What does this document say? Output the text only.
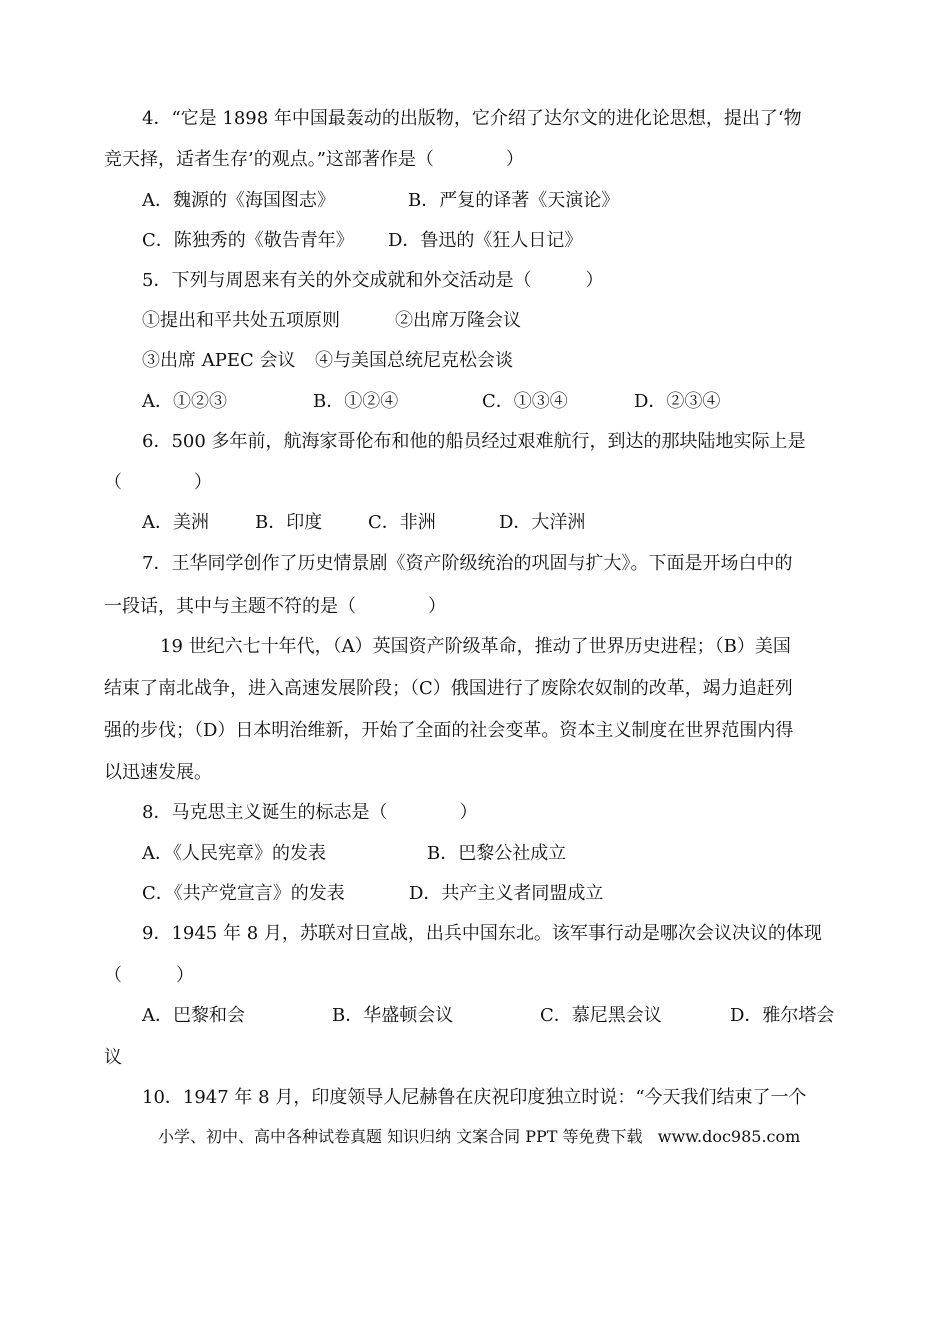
4．“它是 1898 年中国最轰动的出版物，它介绍了达尔文的进化论思想，提出了‘物
竞天择，适者生存’的观点。”这部著作是（　　　　）
A．魏源的《海国图志》	B．严复的译著《天演论》
C．陈独秀的《敬告青年》 D．鲁迅的《狂人日记》
5．下列与周恩来有关的外交成就和外交活动是（　　　）
①提出和平共处五项原则	②出席万隆会议
③出席 APEC 会议 ④与美国总统尼克松会谈
A．①②③	B．①②④	C．①③④	D．②③④
6．500 多年前，航海家哥伦布和他的船员经过艰难航行，到达的那块陆地实际上是
（　　　　）
A．美洲	B．印度	C．非洲	D．大洋洲
7．王华同学创作了历史情景剧《资产阶级统治的巩固与扩大》。下面是开场白中的
一段话，其中与主题不符的是（　　　　）
19 世纪六七十年代，（A）英国资产阶级革命，推动了世界历史进程；（B）美国
结束了南北战争，进入高速发展阶段；（C）俄国进行了废除农奴制的改革，竭力追赶列
强的步伐；（D）日本明治维新，开始了全面的社会变革。资本主义制度在世界范围内得
以迅速发展。
8．马克思主义诞生的标志是（　　　　）
A．《人民宪章》的发表	B．巴黎公社成立
C．《共产党宣言》的发表	D．共产主义者同盟成立
9．1945 年 8 月，苏联对日宣战，出兵中国东北。该军事行动是哪次会议决议的体现
（　　　）
A．巴黎和会	B．华盛顿会议	C．慕尼黑会议	D．雅尔塔会
议
10．1947 年 8 月，印度领导人尼赫鲁在庆祝印度独立时说：“今天我们结束了一个
小学、初中、高中各种试卷真题 知识归纳 文案合同 PPT 等免费下载   www.doc985.com
